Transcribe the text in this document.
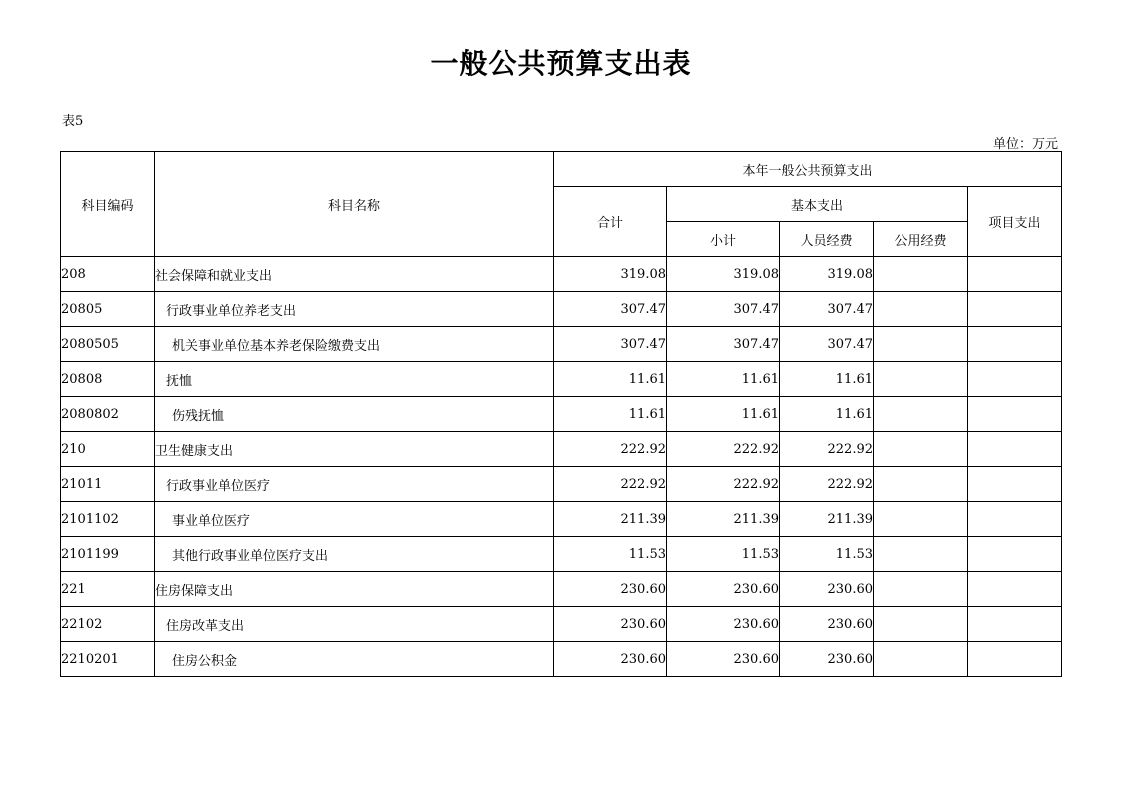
一般公共预算支出表
表5
单位：万元
科目编码	科目名称	本年一般公共预算支出				
		合计	基本支出			项目支出
			小计	人员经费	公用经费	
208	社会保障和就业支出	319.08	319.08	319.08		
20805	行政事业单位养老支出	307.47	307.47	307.47		
2080505	机关事业单位基本养老保险缴费支出	307.47	307.47	307.47		
20808	抚恤	11.61	11.61	11.61		
2080802	伤残抚恤	11.61	11.61	11.61		
210	卫生健康支出	222.92	222.92	222.92		
21011	行政事业单位医疗	222.92	222.92	222.92		
2101102	事业单位医疗	211.39	211.39	211.39		
2101199	其他行政事业单位医疗支出	11.53	11.53	11.53		
221	住房保障支出	230.60	230.60	230.60		
22102	住房改革支出	230.60	230.60	230.60		
2210201	住房公积金	230.60	230.60	230.60		
